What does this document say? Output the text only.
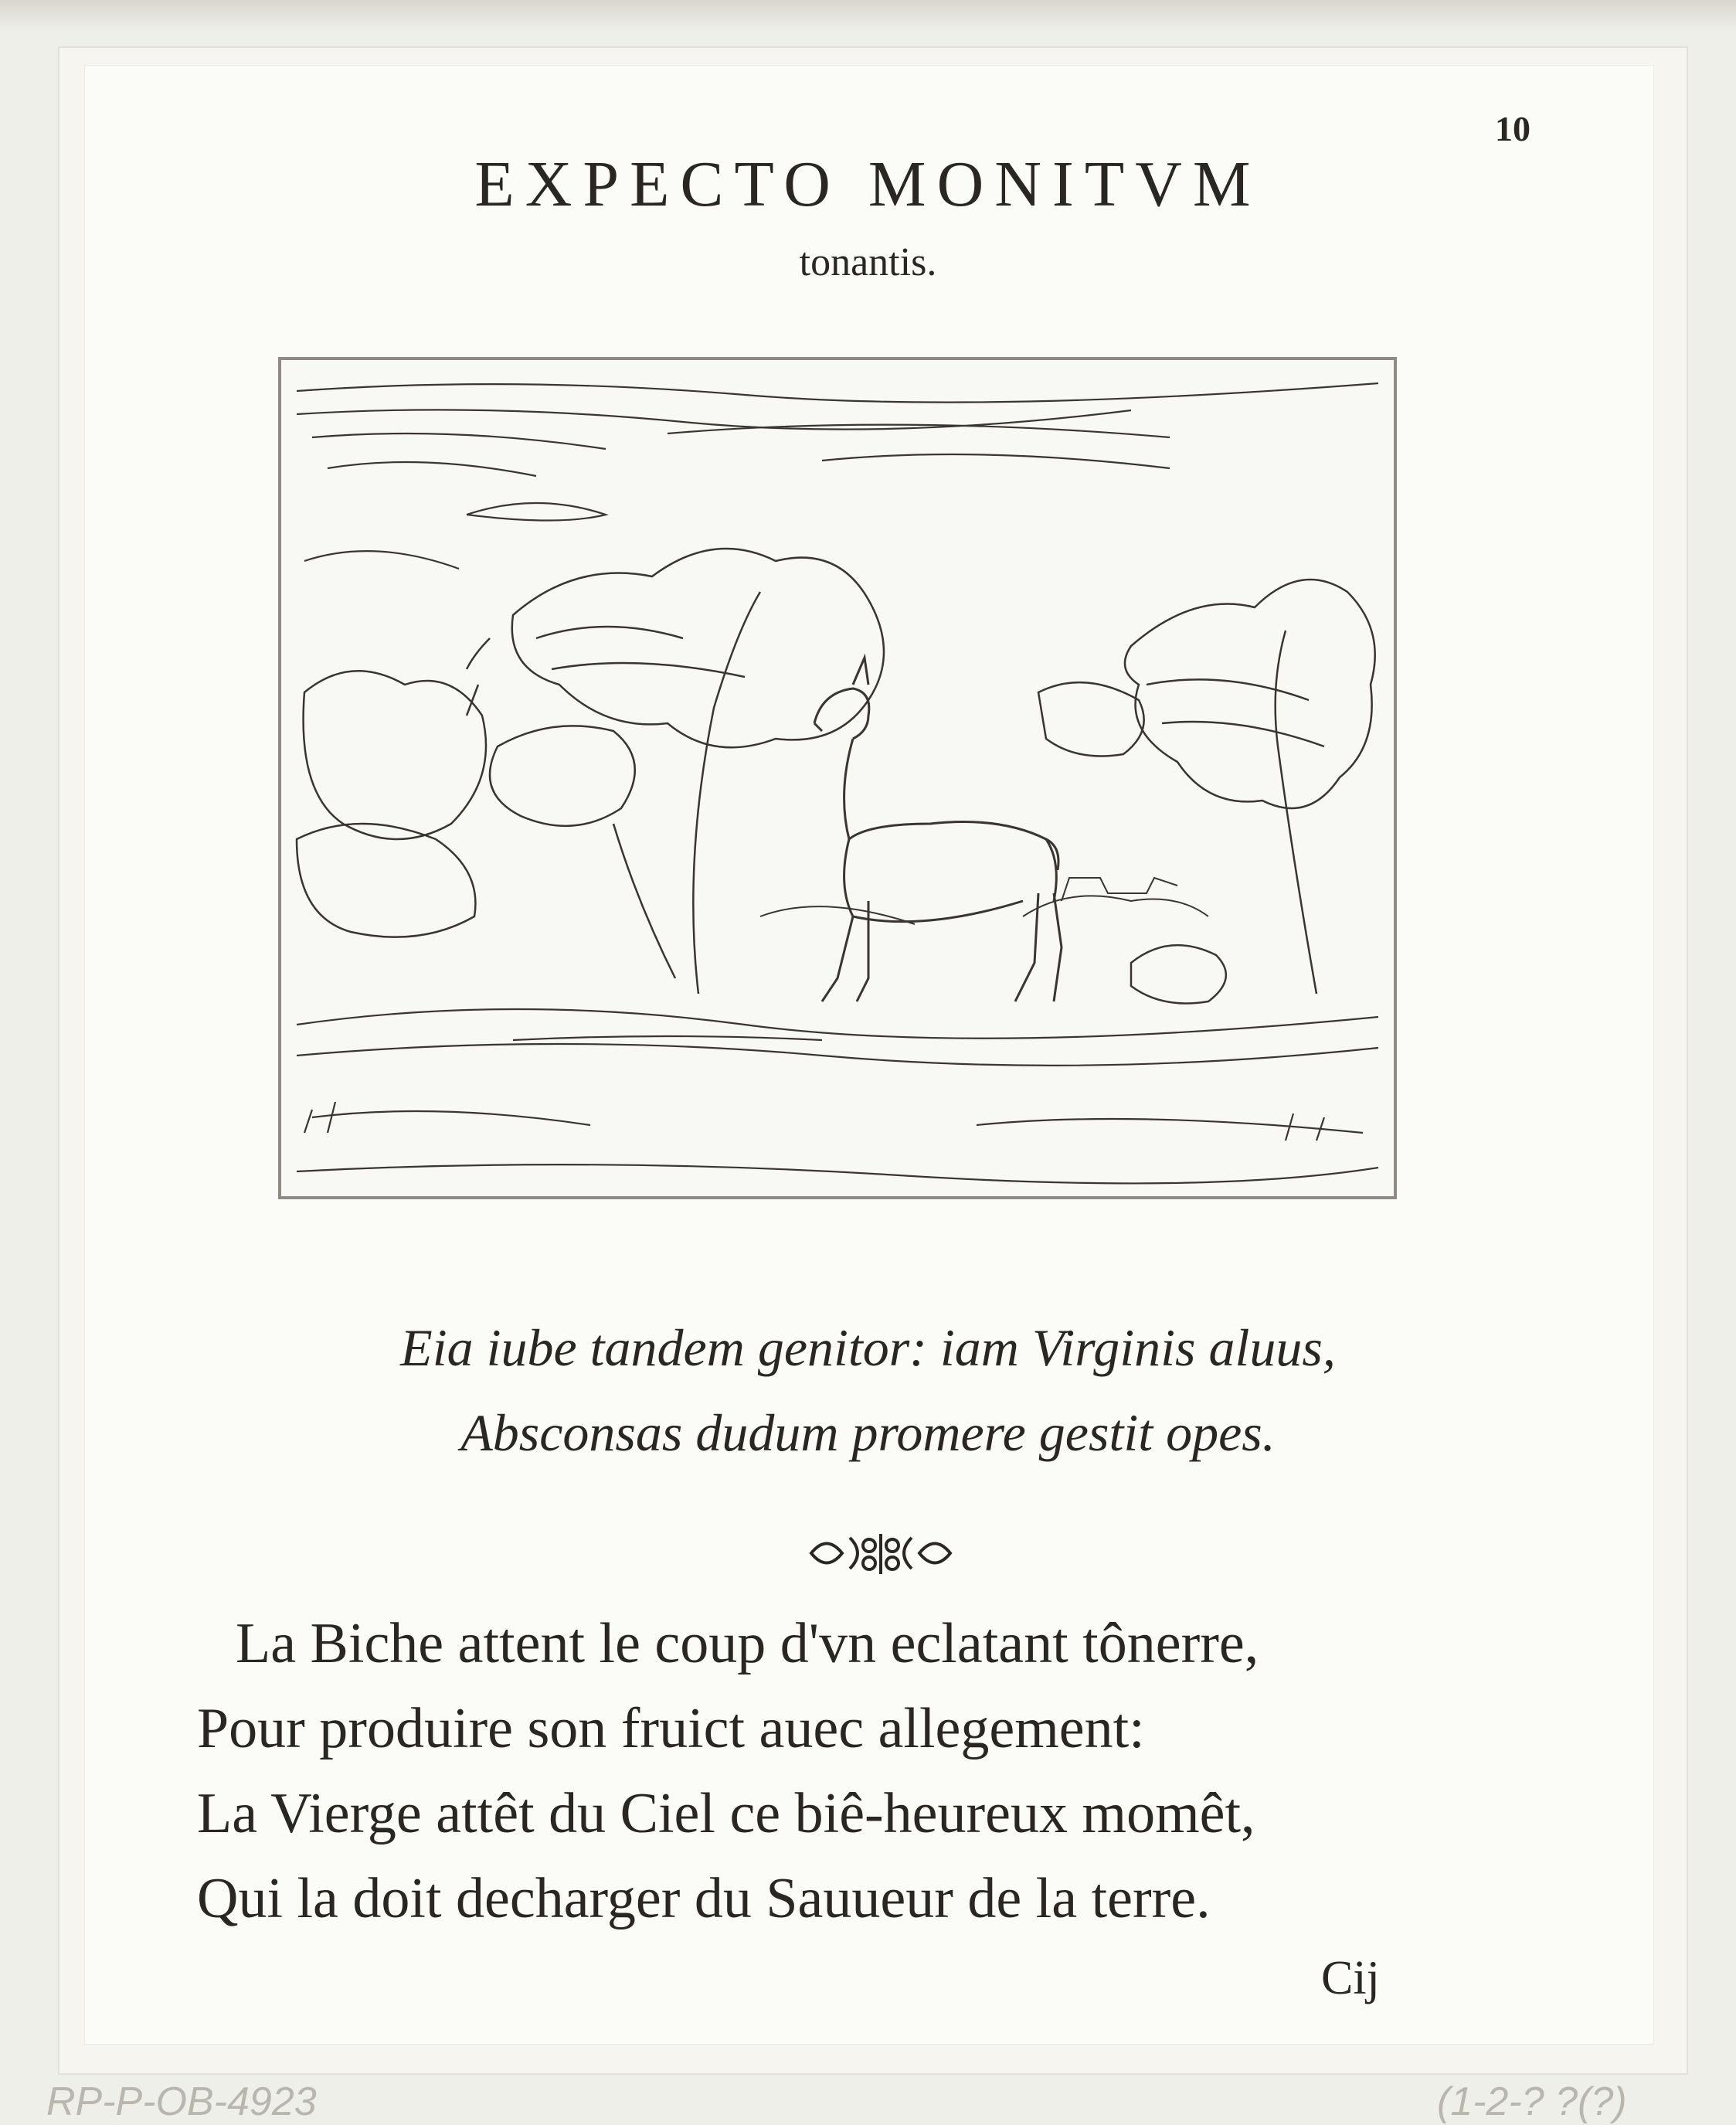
10
EXPECTO MONITVM
tonantis.
Eia iube tandem genitor: iam Virginis aluus,
Absconsas dudum promere gestit opes.
La Biche attent le coup d'vn eclatant tônerre,
Pour produire son fruict auec allegement:
La Vierge attêt du Ciel ce biê-heureux momêt,
Qui la doit decharger du Sauueur de la terre.
Cij
RP-P-OB-4923	(1-2-? ?(?)
